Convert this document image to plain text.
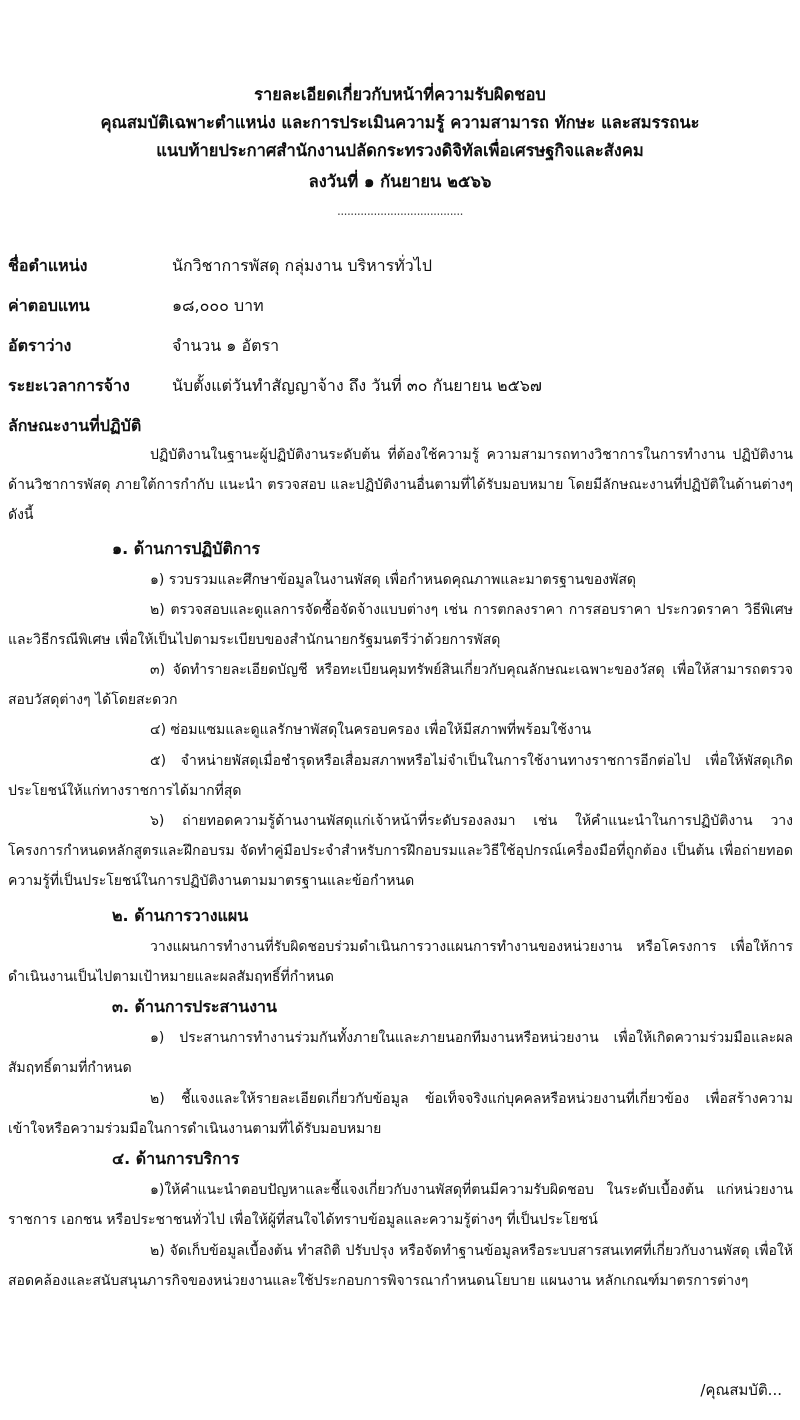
รายละเอียดเกี่ยวกับหน้าที่ความรับผิดชอบ
คุณสมบัติเฉพาะตำแหน่ง และการประเมินความรู้ ความสามารถ ทักษะ และสมรรถนะ
แนบท้ายประกาศสำนักงานปลัดกระทรวงดิจิทัลเพื่อเศรษฐกิจและสังคม
ลงวันที่ ๑ กันยายน ๒๕๖๖
......................................
ชื่อตำแหน่ง	นักวิชาการพัสดุ กลุ่มงาน บริหารทั่วไป
ค่าตอบแทน	๑๘,๐๐๐ บาท
อัตราว่าง	จำนวน ๑ อัตรา
ระยะเวลาการจ้าง	นับตั้งแต่วันทำสัญญาจ้าง ถึง วันที่ ๓๐ กันยายน ๒๕๖๗
ลักษณะงานที่ปฏิบัติ

ปฏิบัติงานในฐานะผู้ปฏิบัติงานระดับต้น ที่ต้องใช้ความรู้ ความสามารถทางวิชาการในการทำงาน ปฏิบัติงานด้านวิชาการพัสดุ ภายใต้การกำกับ แนะนำ ตรวจสอบ และปฏิบัติงานอื่นตามที่ได้รับมอบหมาย โดยมีลักษณะงานที่ปฏิบัติในด้านต่างๆ ดังนี้

๑. ด้านการปฏิบัติการ

๑) รวบรวมและศึกษาข้อมูลในงานพัสดุ เพื่อกำหนดคุณภาพและมาตรฐานของพัสดุ

๒) ตรวจสอบและดูแลการจัดซื้อจัดจ้างแบบต่างๆ เช่น การตกลงราคา การสอบราคา ประกวดราคา วิธีพิเศษ และวิธีกรณีพิเศษ เพื่อให้เป็นไปตามระเบียบของสำนักนายกรัฐมนตรีว่าด้วยการพัสดุ

๓) จัดทำรายละเอียดบัญชี หรือทะเบียนคุมทรัพย์สินเกี่ยวกับคุณลักษณะเฉพาะของวัสดุ เพื่อให้สามารถตรวจสอบวัสดุต่างๆ ได้โดยสะดวก

๔) ซ่อมแซมและดูแลรักษาพัสดุในครอบครอง เพื่อให้มีสภาพที่พร้อมใช้งาน

๕) จำหน่ายพัสดุเมื่อชำรุดหรือเสื่อมสภาพหรือไม่จำเป็นในการใช้งานทางราชการอีกต่อไป เพื่อให้พัสดุเกิดประโยชน์ให้แก่ทางราชการได้มากที่สุด

๖) ถ่ายทอดความรู้ด้านงานพัสดุแก่เจ้าหน้าที่ระดับรองลงมา เช่น ให้คำแนะนำในการปฏิบัติงาน วางโครงการกำหนดหลักสูตรและฝึกอบรม จัดทำคู่มือประจำสำหรับการฝึกอบรมและวิธีใช้อุปกรณ์เครื่องมือที่ถูกต้อง เป็นต้น เพื่อถ่ายทอดความรู้ที่เป็นประโยชน์ในการปฏิบัติงานตามมาตรฐานและข้อกำหนด

๒. ด้านการวางแผน

วางแผนการทำงานที่รับผิดชอบร่วมดำเนินการวางแผนการทำงานของหน่วยงาน หรือโครงการ เพื่อให้การดำเนินงานเป็นไปตามเป้าหมายและผลสัมฤทธิ์ที่กำหนด

๓. ด้านการประสานงาน

๑) ประสานการทำงานร่วมกันทั้งภายในและภายนอกทีมงานหรือหน่วยงาน เพื่อให้เกิดความร่วมมือและผลสัมฤทธิ์ตามที่กำหนด

๒) ชี้แจงและให้รายละเอียดเกี่ยวกับข้อมูล ข้อเท็จจริงแก่บุคคลหรือหน่วยงานที่เกี่ยวข้อง เพื่อสร้างความเข้าใจหรือความร่วมมือในการดำเนินงานตามที่ได้รับมอบหมาย

๔. ด้านการบริการ

๑)ให้คำแนะนำตอบปัญหาและชี้แจงเกี่ยวกับงานพัสดุที่ตนมีความรับผิดชอบ ในระดับเบื้องต้น แก่หน่วยงานราชการ เอกชน หรือประชาชนทั่วไป เพื่อให้ผู้ที่สนใจได้ทราบข้อมูลและความรู้ต่างๆ ที่เป็นประโยชน์

๒) จัดเก็บข้อมูลเบื้องต้น ทำสถิติ ปรับปรุง หรือจัดทำฐานข้อมูลหรือระบบสารสนเทศที่เกี่ยวกับงานพัสดุ เพื่อให้สอดคล้องและสนับสนุนภารกิจของหน่วยงานและใช้ประกอบการพิจารณากำหนดนโยบาย แผนงาน หลักเกณฑ์มาตรการต่างๆ

/คุณสมบัติ...
